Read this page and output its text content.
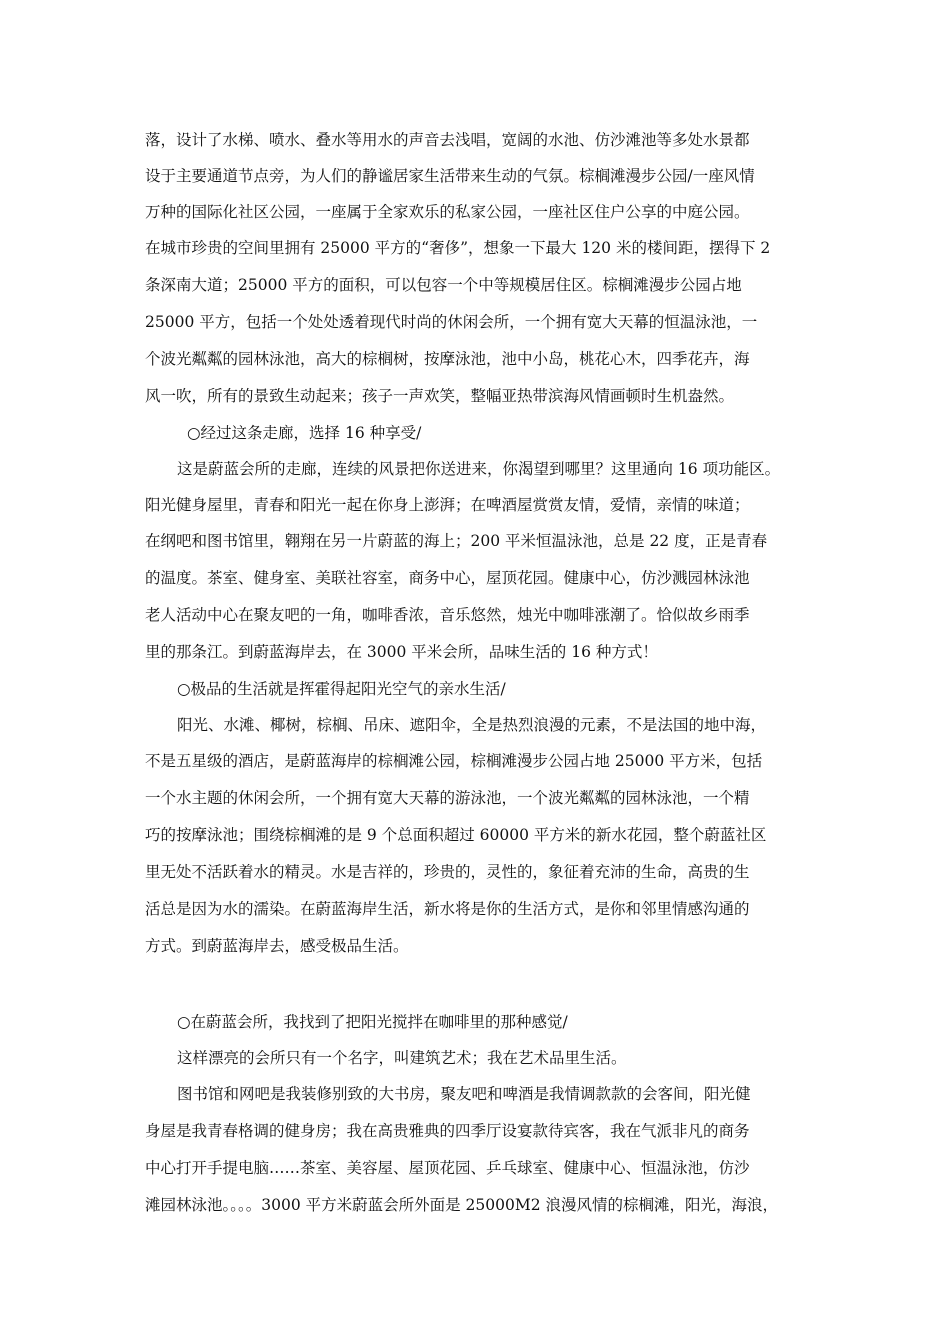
落，设计了水梯、喷水、叠水等用水的声音去浅唱，宽阔的水池、仿沙滩池等多处水景都
设于主要通道节点旁，为人们的静谧居家生活带来生动的气氛。棕榈滩漫步公园/一座风情
万种的国际化社区公园，一座属于全家欢乐的私家公园，一座社区住户公享的中庭公园。
在城市珍贵的空间里拥有 25000 平方的“奢侈”，想象一下最大 120 米的楼间距，摆得下 2
条深南大道；25000 平方的面积，可以包容一个中等规模居住区。棕榈滩漫步公园占地
25000 平方，包括一个处处透着现代时尚的休闲会所，一个拥有宽大天幕的恒温泳池，一
个波光粼粼的园林泳池，高大的棕榈树，按摩泳池，池中小岛，桃花心木，四季花卉，海
风一吹，所有的景致生动起来；孩子一声欢笑，整幅亚热带滨海风情画顿时生机盎然。
○经过这条走廊，选择 16 种享受/
这是蔚蓝会所的走廊，连续的风景把你送进来，你渴望到哪里？这里通向 16 项功能区。
阳光健身屋里，青春和阳光一起在你身上澎湃；在啤酒屋赏赏友情，爱情，亲情的味道；
在纲吧和图书馆里，翱翔在另一片蔚蓝的海上；200 平米恒温泳池，总是 22 度，正是青春
的温度。茶室、健身室、美联社容室，商务中心，屋顶花园。健康中心，仿沙溅园林泳池
老人活动中心在聚友吧的一角，咖啡香浓，音乐悠然，烛光中咖啡涨潮了。恰似故乡雨季
里的那条江。到蔚蓝海岸去，在 3000 平米会所，品味生活的 16 种方式！
○极品的生活就是挥霍得起阳光空气的亲水生活/
阳光、水滩、椰树，棕榈、吊床、遮阳伞，全是热烈浪漫的元素，不是法国的地中海，
不是五星级的酒店，是蔚蓝海岸的棕榈滩公园，棕榈滩漫步公园占地 25000 平方米，包括
一个水主题的休闲会所，一个拥有宽大天幕的游泳池，一个波光粼粼的园林泳池，一个精
巧的按摩泳池；围绕棕榈滩的是 9 个总面积超过 60000 平方米的新水花园，整个蔚蓝社区
里无处不活跃着水的精灵。水是吉祥的，珍贵的，灵性的，象征着充沛的生命，高贵的生
活总是因为水的濡染。在蔚蓝海岸生活，新水将是你的生活方式，是你和邻里情感沟通的
方式。到蔚蓝海岸去，感受极品生活。
○在蔚蓝会所，我找到了把阳光搅拌在咖啡里的那种感觉/
这样漂亮的会所只有一个名字，叫建筑艺术；我在艺术品里生活。
图书馆和网吧是我装修别致的大书房，聚友吧和啤酒是我情调款款的会客间，阳光健
身屋是我青春格调的健身房；我在高贵雅典的四季厅设宴款待宾客，我在气派非凡的商务
中心打开手提电脑……茶室、美容屋、屋顶花园、乒乓球室、健康中心、恒温泳池，仿沙
滩园林泳池。。。。3000 平方米蔚蓝会所外面是 25000M2 浪漫风情的棕榈滩，阳光，海浪，
